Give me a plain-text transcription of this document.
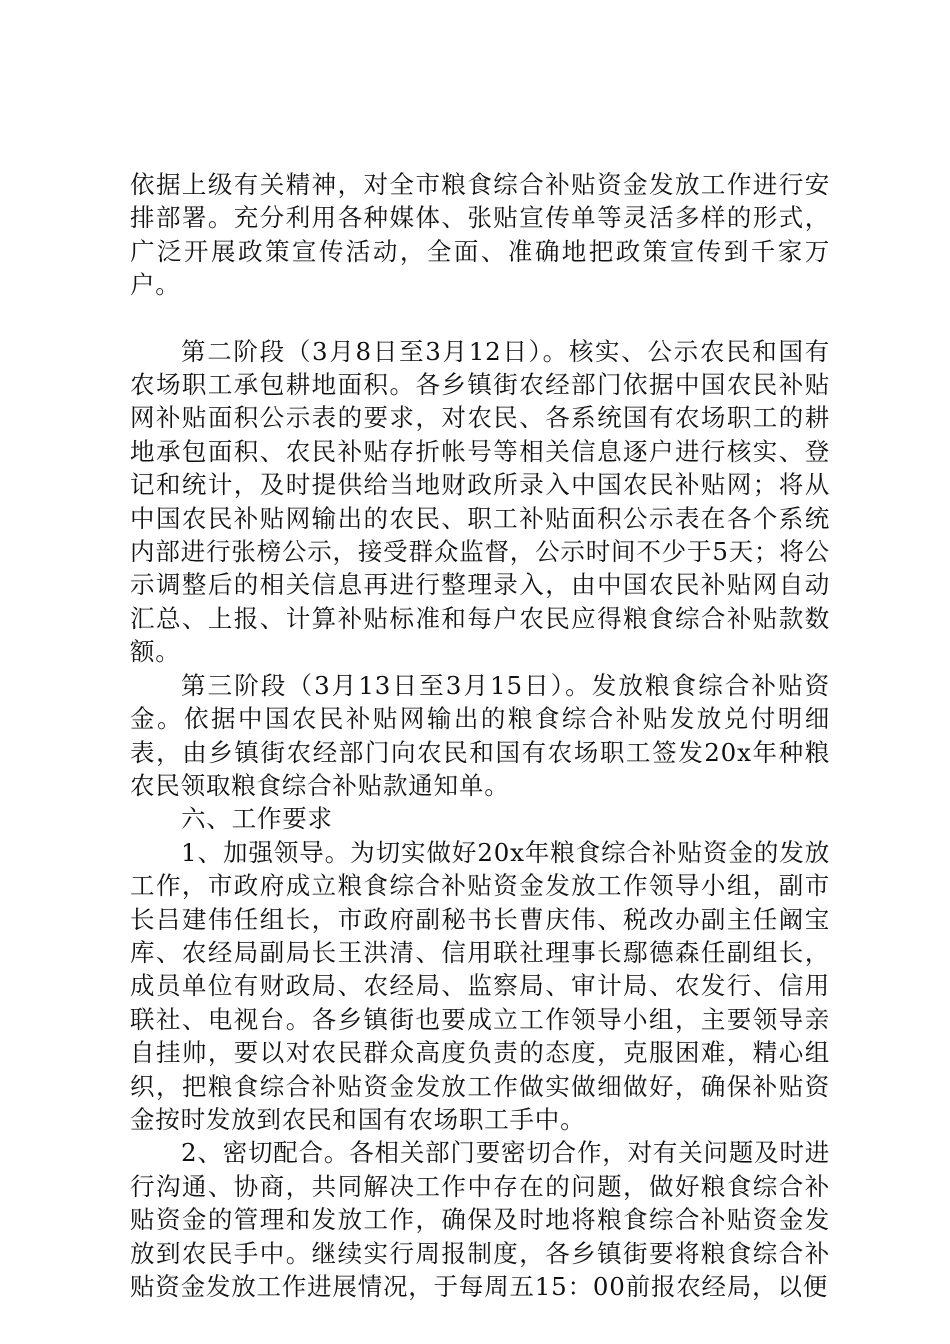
依据上级有关精神，对全市粮食综合补贴资金发放工作进行安排部署。充分利用各种媒体、张贴宣传单等灵活多样的形式，广泛开展政策宣传活动，全面、准确地把政策宣传到千家万户。

第二阶段（3月8日至3月12日）。核实、公示农民和国有农场职工承包耕地面积。各乡镇街农经部门依据中国农民补贴网补贴面积公示表的要求，对农民、各系统国有农场职工的耕地承包面积、农民补贴存折帐号等相关信息逐户进行核实、登记和统计，及时提供给当地财政所录入中国农民补贴网；将从中国农民补贴网输出的农民、职工补贴面积公示表在各个系统内部进行张榜公示，接受群众监督，公示时间不少于5天；将公示调整后的相关信息再进行整理录入，由中国农民补贴网自动汇总、上报、计算补贴标准和每户农民应得粮食综合补贴款数额。

第三阶段（3月13日至3月15日）。发放粮食综合补贴资金。依据中国农民补贴网输出的粮食综合补贴发放兑付明细表，由乡镇街农经部门向农民和国有农场职工签发20x年种粮农民领取粮食综合补贴款通知单。

六、工作要求

1、加强领导。为切实做好20x年粮食综合补贴资金的发放工作，市政府成立粮食综合补贴资金发放工作领导小组，副市长吕建伟任组长，市政府副秘书长曹庆伟、税改办副主任阚宝库、农经局副局长王洪清、信用联社理事长鄢德森任副组长，成员单位有财政局、农经局、监察局、审计局、农发行、信用联社、电视台。各乡镇街也要成立工作领导小组，主要领导亲自挂帅，要以对农民群众高度负责的态度，克服困难，精心组织，把粮食综合补贴资金发放工作做实做细做好，确保补贴资金按时发放到农民和国有农场职工手中。

2、密切配合。各相关部门要密切合作，对有关问题及时进行沟通、协商，共同解决工作中存在的问题，做好粮食综合补贴资金的管理和发放工作，确保及时地将粮食综合补贴资金发放到农民手中。继续实行周报制度，各乡镇街要将粮食综合补贴资金发放工作进展情况，于每周五15：00前报农经局，以便
